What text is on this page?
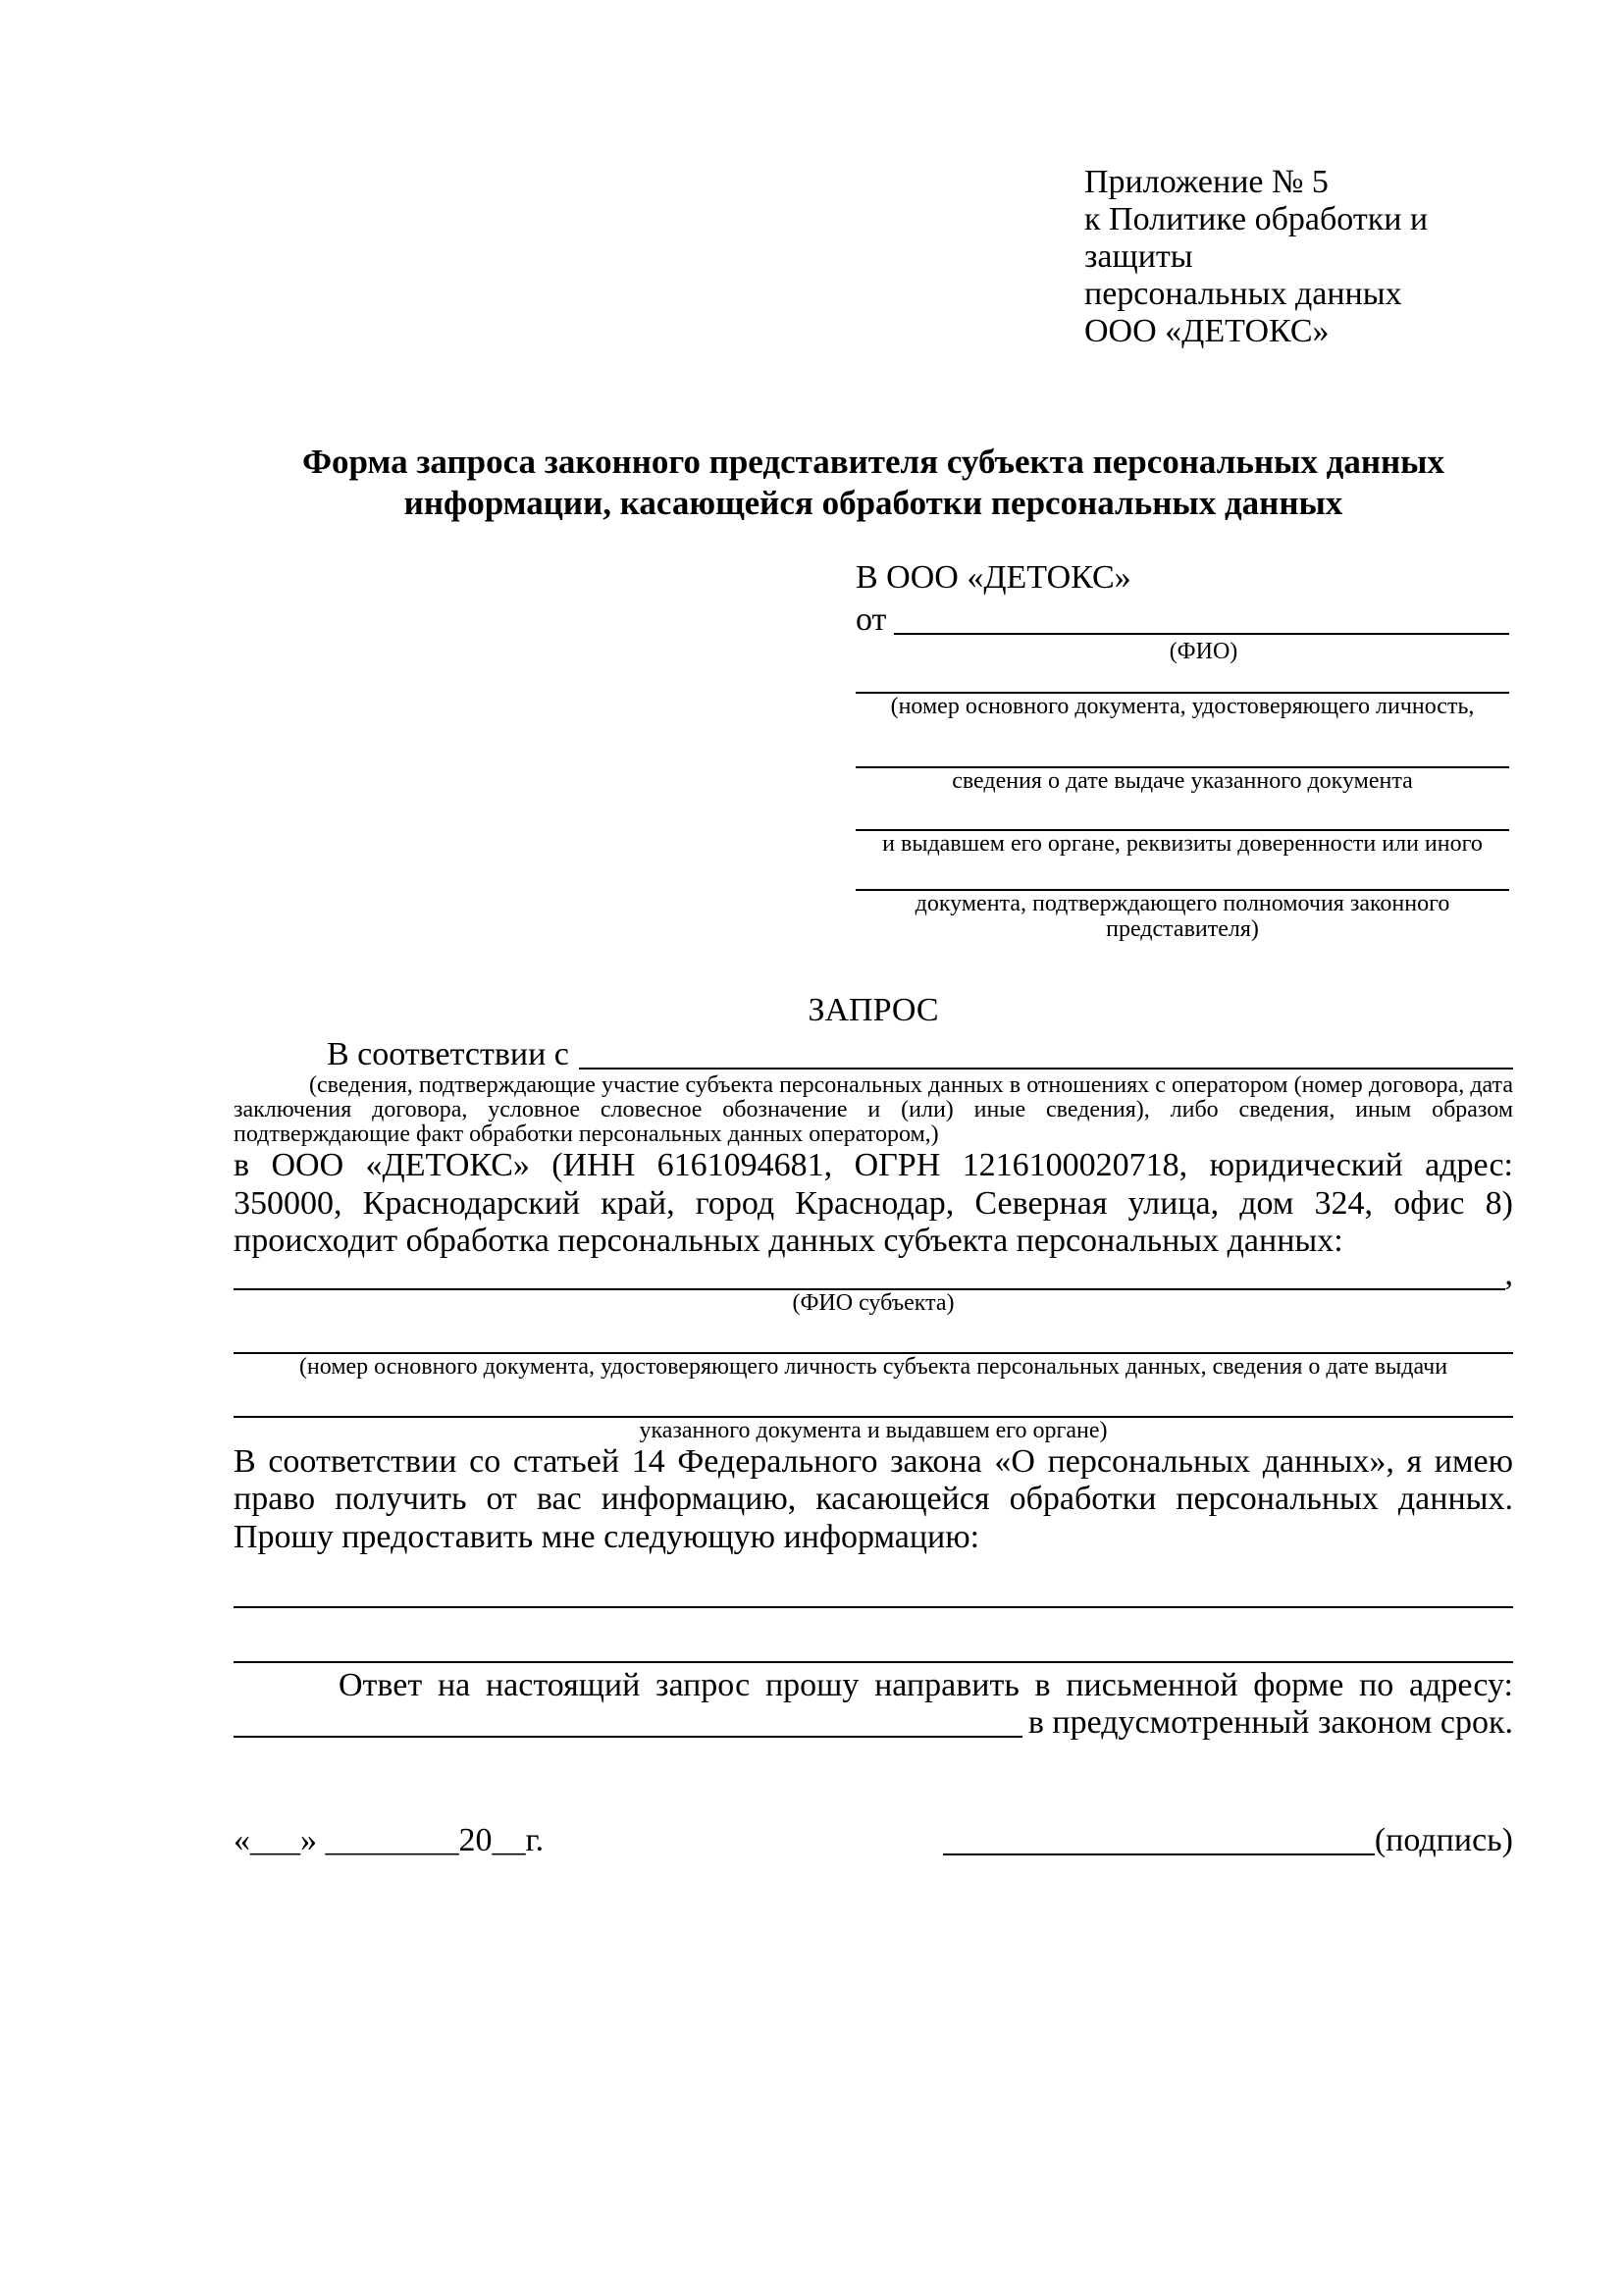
Приложение № 5
к Политике обработки и защиты
персональных данных
ООО «ДЕТОКС»
Форма запроса законного представителя субъекта персональных данных информации, касающейся обработки персональных данных
В ООО «ДЕТОКС»
от
(ФИО)
(номер основного документа, удостоверяющего личность,
сведения о дате выдаче указанного документа
и выдавшем его органе, реквизиты доверенности или иного
документа, подтверждающего полномочия законного представителя)
ЗАПРОС
В соответствии с
(сведения, подтверждающие участие субъекта персональных данных в отношениях с оператором (номер договора, дата заключения договора, условное словесное обозначение и (или) иные сведения), либо сведения, иным образом подтверждающие факт обработки персональных данных оператором,)
в ООО «ДЕТОКС» (ИНН 6161094681, ОГРН 1216100020718, юридический адрес: 350000, Краснодарский край, город Краснодар, Северная улица, дом 324, офис 8) происходит обработка персональных данных субъекта персональных данных:
,
(ФИО субъекта)
(номер основного документа, удостоверяющего личность субъекта персональных данных, сведения о дате выдачи
указанного документа и выдавшем его органе)
В соответствии со статьей 14 Федерального закона «О персональных данных», я имею право получить от вас информацию, касающейся обработки персональных данных. Прошу предоставить мне следующую информацию:
Ответ на настоящий запрос прошу направить в письменной форме по адресу:
в предусмотренный законом срок.
«___» ________20__г.	(подпись)
